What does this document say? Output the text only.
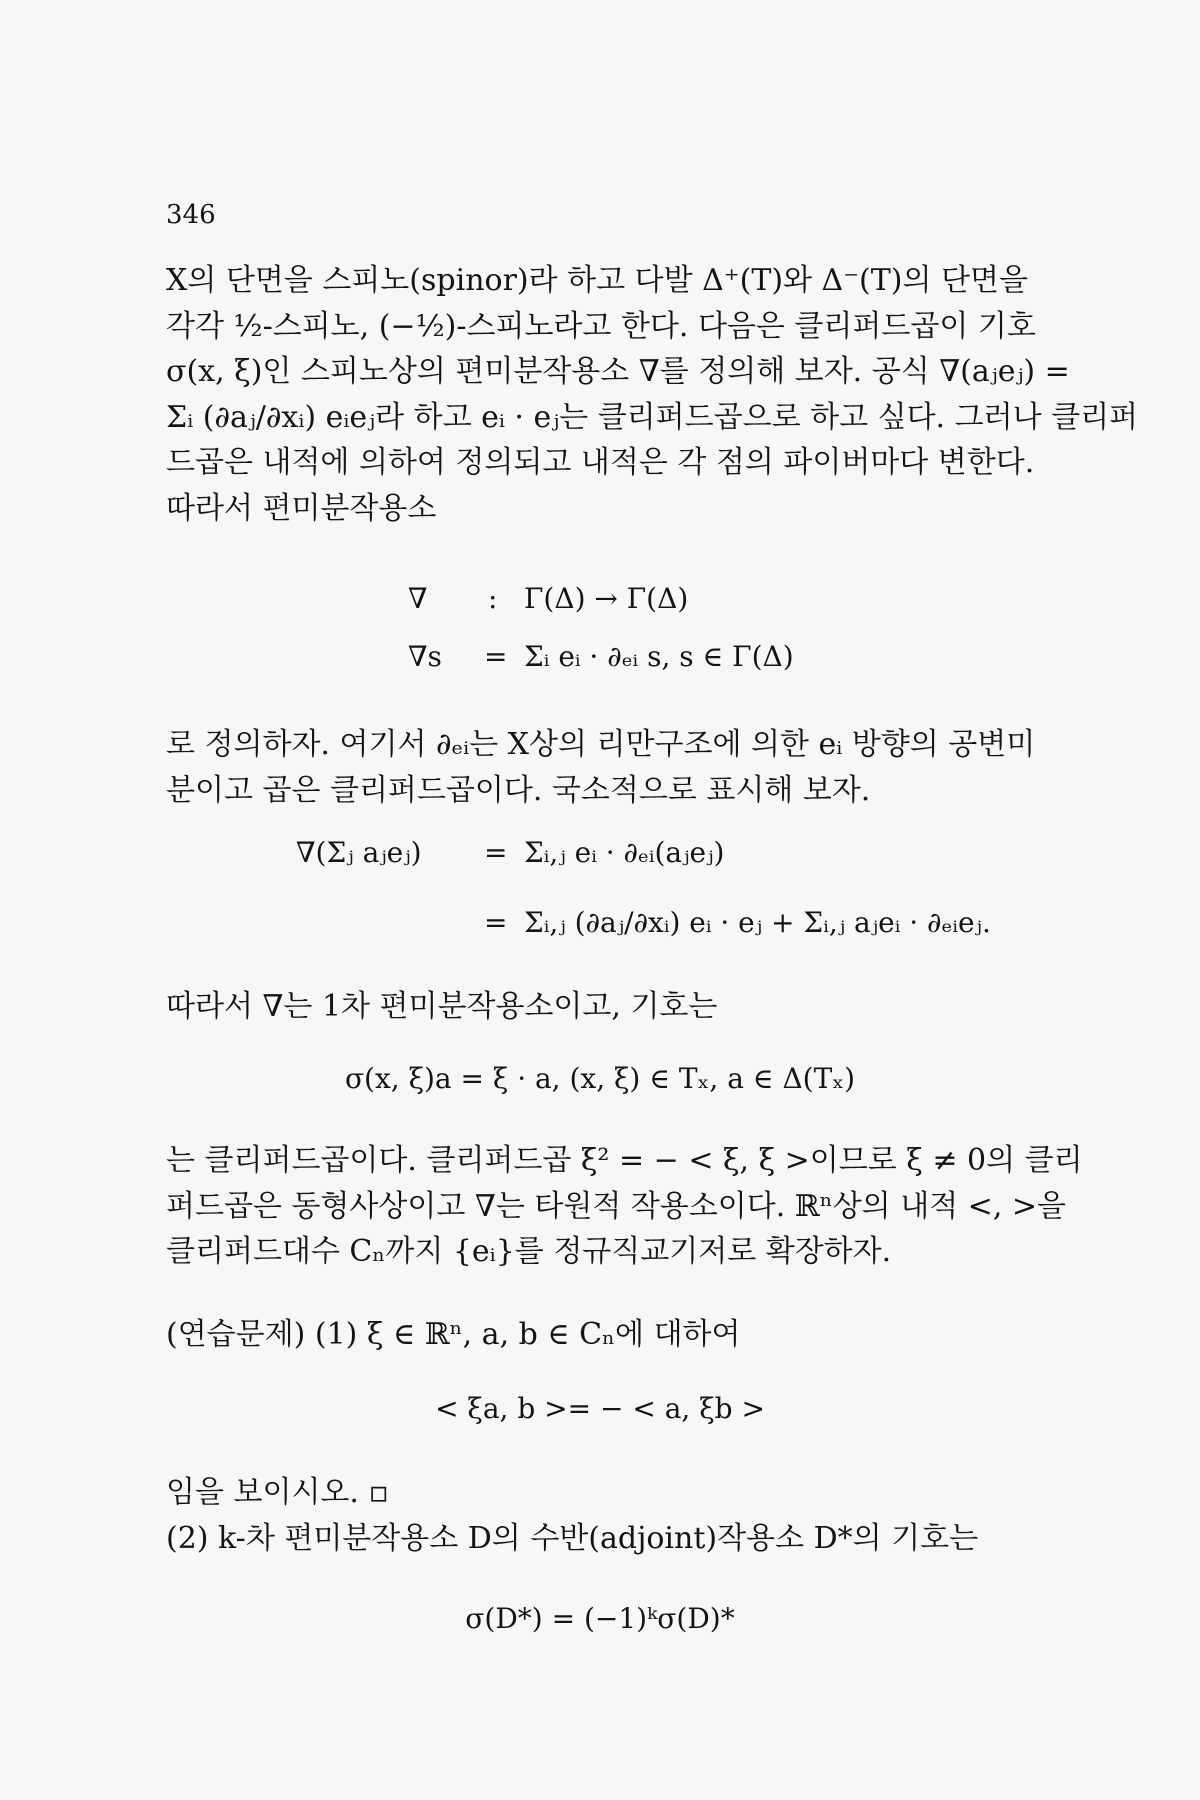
346
X의 단면을 스피노(spinor)라 하고 다발 Δ⁺(T)와 Δ⁻(T)의 단면을
각각 ½-스피노, (−½)-스피노라고 한다. 다음은 클리퍼드곱이 기호
σ(x, ξ)인 스피노상의 편미분작용소 ∇를 정의해 보자. 공식 ∇(aⱼeⱼ) =
Σᵢ (∂aⱼ/∂xᵢ) eᵢeⱼ라 하고 eᵢ · eⱼ는 클리퍼드곱으로 하고 싶다. 그러나 클리퍼
드곱은 내적에 의하여 정의되고 내적은 각 점의 파이버마다 변한다.
따라서 편미분작용소
∇ : Γ(Δ) → Γ(Δ)
∇s = Σᵢ eᵢ · ∂ₑᵢ s, s ∈ Γ(Δ)
로 정의하자. 여기서 ∂ₑᵢ는 X상의 리만구조에 의한 eᵢ 방향의 공변미
분이고 곱은 클리퍼드곱이다. 국소적으로 표시해 보자.
∇(Σⱼ aⱼeⱼ) = Σᵢ,ⱼ eᵢ · ∂ₑᵢ(aⱼeⱼ)
= Σᵢ,ⱼ (∂aⱼ/∂xᵢ) eᵢ · eⱼ + Σᵢ,ⱼ aⱼeᵢ · ∂ₑᵢeⱼ.
따라서 ∇는 1차 편미분작용소이고, 기호는
σ(x, ξ)a = ξ · a, (x, ξ) ∈ Tₓ, a ∈ Δ(Tₓ)
는 클리퍼드곱이다. 클리퍼드곱 ξ² = − < ξ, ξ >이므로 ξ ≠ 0의 클리
퍼드곱은 동형사상이고 ∇는 타원적 작용소이다. ℝⁿ상의 내적 <, >을
클리퍼드대수 Cₙ까지 {eᵢ}를 정규직교기저로 확장하자.
(연습문제) (1) ξ ∈ ℝⁿ, a, b ∈ Cₙ에 대하여
< ξa, b >= − < a, ξb >
임을 보이시오. ▫
(2) k-차 편미분작용소 D의 수반(adjoint)작용소 D*의 기호는
σ(D*) = (−1)ᵏσ(D)*
